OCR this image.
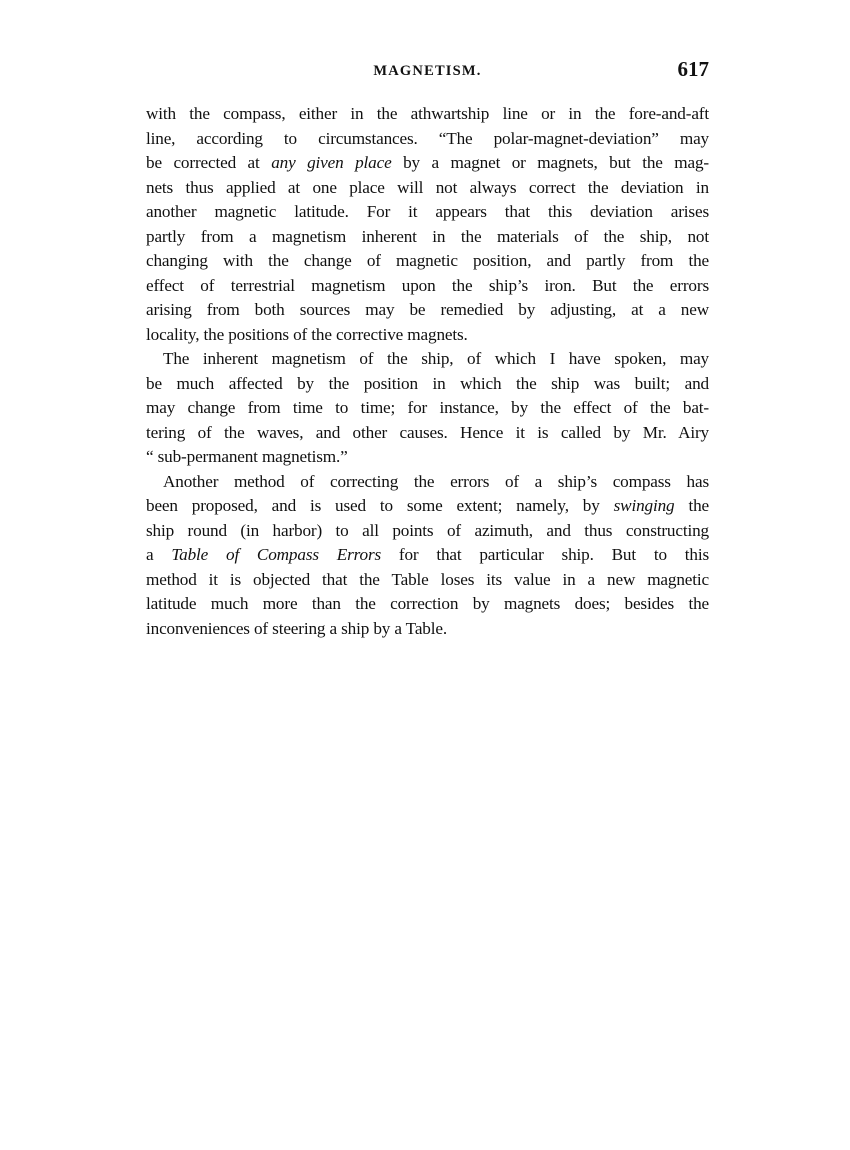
MAGNETISM.	617

with the compass, either in the athwartship line or in the fore-and-aft
line, according to circumstances. “The polar-magnet-deviation” may
be corrected at any given place by a magnet or magnets, but the mag-
nets thus applied at one place will not always correct the deviation in
another magnetic latitude. For it appears that this deviation arises
partly from a magnetism inherent in the materials of the ship, not
changing with the change of magnetic position, and partly from the
effect of terrestrial magnetism upon the ship’s iron. But the errors
arising from both sources may be remedied by adjusting, at a new
locality, the positions of the corrective magnets.

The inherent magnetism of the ship, of which I have spoken, may
be much affected by the position in which the ship was built; and
may change from time to time; for instance, by the effect of the bat-
tering of the waves, and other causes. Hence it is called by Mr. Airy
“ sub-permanent magnetism.”

Another method of correcting the errors of a ship’s compass has
been proposed, and is used to some extent; namely, by swinging the
ship round (in harbor) to all points of azimuth, and thus constructing
a Table of Compass Errors for that particular ship. But to this
method it is objected that the Table loses its value in a new magnetic
latitude much more than the correction by magnets does; besides the
inconveniences of steering a ship by a Table.
